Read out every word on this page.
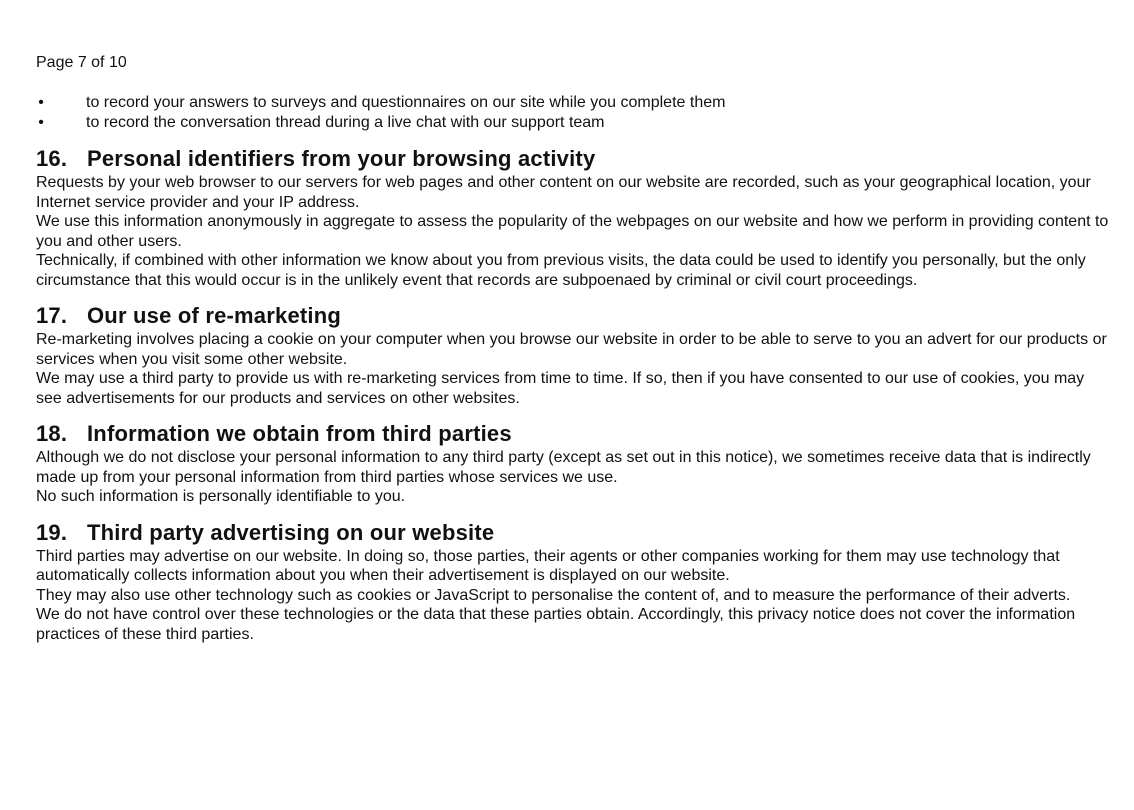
Page 7 of 10
•	to record your answers to surveys and questionnaires on our site while you complete them
•	to record the conversation thread during a live chat with our support team
16. Personal identifiers from your browsing activity

Requests by your web browser to our servers for web pages and other content on our website are recorded, such as your geographical location, your Internet service provider and your IP address.

We use this information anonymously in aggregate to assess the popularity of the webpages on our website and how we perform in providing content to you and other users.

Technically, if combined with other information we know about you from previous visits, the data could be used to identify you personally, but the only circumstance that this would occur is in the unlikely event that records are subpoenaed by criminal or civil court proceedings.

17. Our use of re-marketing

Re-marketing involves placing a cookie on your computer when you browse our website in order to be able to serve to you an advert for our products or services when you visit some other website.

We may use a third party to provide us with re-marketing services from time to time. If so, then if you have consented to our use of cookies, you may see advertisements for our products and services on other websites.

18. Information we obtain from third parties

Although we do not disclose your personal information to any third party (except as set out in this notice), we sometimes receive data that is indirectly made up from your personal information from third parties whose services we use.

No such information is personally identifiable to you.

19. Third party advertising on our website

Third parties may advertise on our website. In doing so, those parties, their agents or other companies working for them may use technology that automatically collects information about you when their advertisement is displayed on our website.

They may also use other technology such as cookies or JavaScript to personalise the content of, and to measure the performance of their adverts.

We do not have control over these technologies or the data that these parties obtain. Accordingly, this privacy notice does not cover the information practices of these third parties.
